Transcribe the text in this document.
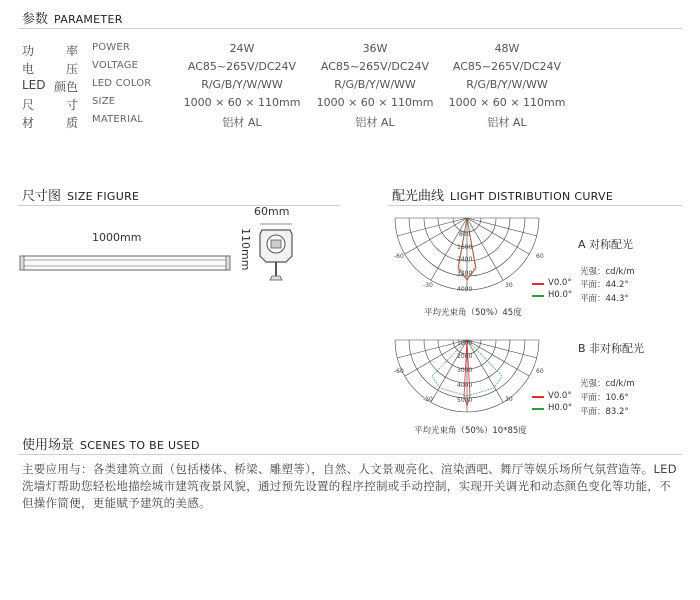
参数 PARAMETER
功	率 POWER	24W	36W	48W
电	压 VOLTAGE	AC85~265V/DC24V	AC85~265V/DC24V	AC85~265V/DC24V
LED 颜色 LED COLOR	R/G/B/Y/W/WW	R/G/B/Y/W/WW	R/G/B/Y/W/WW
尺	寸 SIZE	1000 × 60 × 110mm	1000 × 60 × 110mm	1000 × 60 × 110mm
材	质 MATERIAL	铝材 AL	铝材 AL	铝材 AL
尺寸图 SIZE FIGURE
1000mm
60mm
110mm
配光曲线 LIGHT DISTRIBUTION CURVE
800
1600
2400
3200
4000
-60	60
-30	30
平均光束角（50%）45度
A 对称配光
光强：cd/k/m
V0.0° 平面：44.2°
H0.0° 平面：44.3°
1000
2000
3000
4000
5000
-60	60
-30	30
平均光束角（50%）10*85度
B 非对称配光
光强：cd/k/m
V0.0° 平面：10.6°
H0.0° 平面：83.2°
使用场景 SCENES TO BE USED
主要应用与：各类建筑立面（包括楼体、桥梁、雕塑等），自然、人文景观亮化、渲染酒吧、舞厅等娱乐场所气氛营造等。LED洗墙灯帮助您轻松地描绘城市建筑夜景风貌，通过预先设置的程序控制或手动控制，实现开关调光和动态颜色变化等功能，不但操作简便，更能赋予建筑的美感。
